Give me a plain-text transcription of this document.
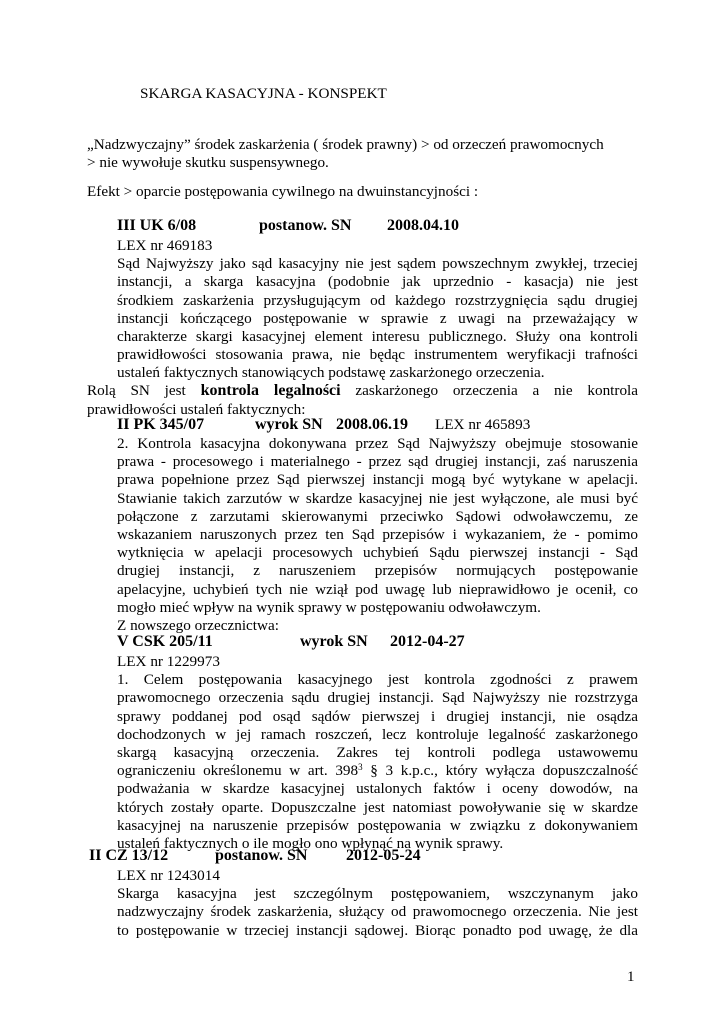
SKARGA KASACYJNA - KONSPEKT
„Nadzwyczajny” środek zaskarżenia ( środek prawny) > od orzeczeń prawomocnych
> nie wywołuje skutku suspensywnego.
Efekt > oparcie postępowania cywilnego na dwuinstancyjności :
III UK 6/08	postanow. SN 2008.04.10
LEX nr 469183
Sąd Najwyższy jako sąd kasacyjny nie jest sądem powszechnym zwykłej, trzeciej
instancji, a skarga kasacyjna (podobnie jak uprzednio - kasacja) nie jest
środkiem zaskarżenia przysługującym od każdego rozstrzygnięcia sądu drugiej
instancji kończącego postępowanie w sprawie z uwagi na przeważający w
charakterze skargi kasacyjnej element interesu publicznego. Służy ona kontroli
prawidłowości stosowania prawa, nie będąc instrumentem weryfikacji trafności
ustaleń faktycznych stanowiących podstawę zaskarżonego orzeczenia.
Rolą SN jest kontrola legalności zaskarżonego orzeczenia a nie kontrola
prawidłowości ustaleń faktycznych:
II PK 345/07	wyrok SN 2008.06.19 LEX nr 465893
2. Kontrola kasacyjna dokonywana przez Sąd Najwyższy obejmuje stosowanie
prawa - procesowego i materialnego - przez sąd drugiej instancji, zaś naruszenia
prawa popełnione przez Sąd pierwszej instancji mogą być wytykane w apelacji.
Stawianie takich zarzutów w skardze kasacyjnej nie jest wyłączone, ale musi być
połączone z zarzutami skierowanymi przeciwko Sądowi odwoławczemu, ze
wskazaniem naruszonych przez ten Sąd przepisów i wykazaniem, że - pomimo
wytknięcia w apelacji procesowych uchybień Sądu pierwszej instancji - Sąd
drugiej instancji, z naruszeniem przepisów normujących postępowanie
apelacyjne, uchybień tych nie wziął pod uwagę lub nieprawidłowo je ocenił, co
mogło mieć wpływ na wynik sprawy w postępowaniu odwoławczym.
Z nowszego orzecznictwa:
V CSK 205/11	wyrok SN 2012-04-27
LEX nr 1229973
1. Celem postępowania kasacyjnego jest kontrola zgodności z prawem
prawomocnego orzeczenia sądu drugiej instancji. Sąd Najwyższy nie rozstrzyga
sprawy poddanej pod osąd sądów pierwszej i drugiej instancji, nie osądza
dochodzonych w jej ramach roszczeń, lecz kontroluje legalność zaskarżonego
skargą kasacyjną orzeczenia. Zakres tej kontroli podlega ustawowemu
ograniczeniu określonemu w art. $398^3$ § 3 k.p.c., który wyłącza dopuszczalność
podważania w skardze kasacyjnej ustalonych faktów i oceny dowodów, na
których zostały oparte. Dopuszczalne jest natomiast powoływanie się w skardze
kasacyjnej na naruszenie przepisów postępowania w związku z dokonywaniem
ustaleń faktycznych o ile mogło ono wpłynąć na wynik sprawy.
II CZ 13/12	postanow. SN 2012-05-24
LEX nr 1243014
Skarga kasacyjna jest szczególnym postępowaniem, wszczynanym jako
nadzwyczajny środek zaskarżenia, służący od prawomocnego orzeczenia. Nie jest
to postępowanie w trzeciej instancji sądowej. Biorąc ponadto pod uwagę, że dla
1
